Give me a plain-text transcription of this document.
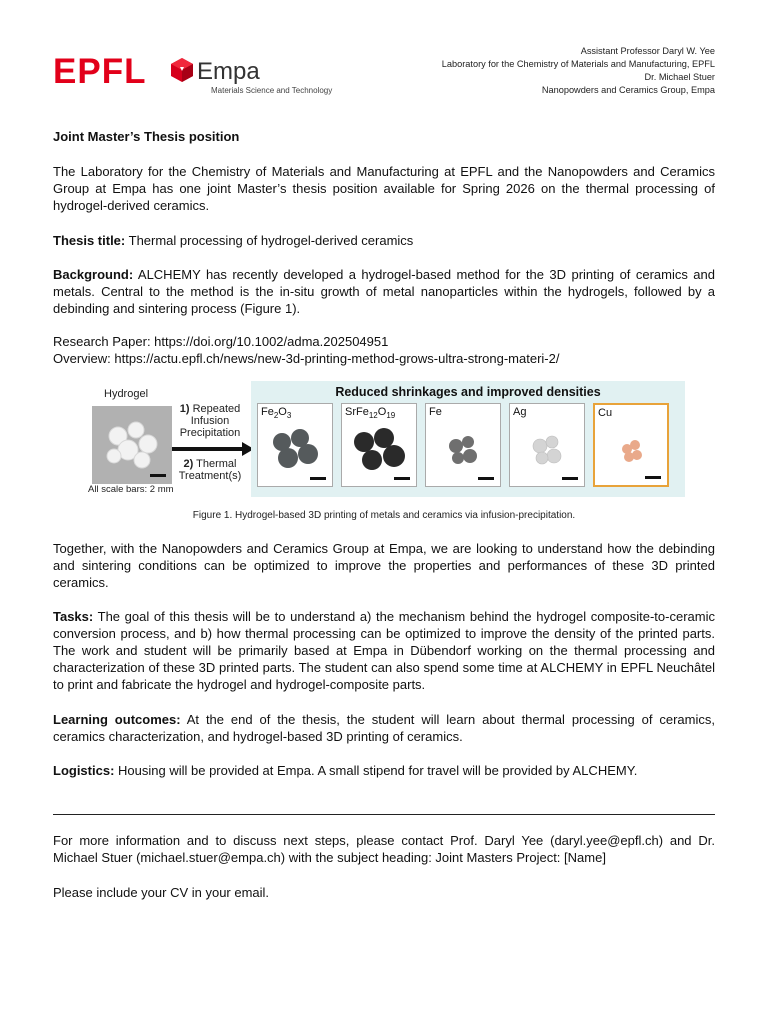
EPFL Empa
Materials Science and Technology
Assistant Professor Daryl W. Yee
Laboratory for the Chemistry of Materials and Manufacturing, EPFL
Dr. Michael Stuer
Nanopowders and Ceramics Group, Empa
Joint Master’s Thesis position
The Laboratory for the Chemistry of Materials and Manufacturing at EPFL and the Nanopowders and Ceramics Group at Empa has one joint Master’s thesis position available for Spring 2026 on the thermal processing of hydrogel-derived ceramics.
Thesis title: Thermal processing of hydrogel-derived ceramics
Background: ALCHEMY has recently developed a hydrogel-based method for the 3D printing of ceramics and metals. Central to the method is the in-situ growth of metal nanoparticles within the hydrogels, followed by a debinding and sintering process (Figure 1).
Research Paper: https://doi.org/10.1002/adma.202504951
Overview: https://actu.epfl.ch/news/new-3d-printing-method-grows-ultra-strong-materi-2/
Hydrogel
All scale bars: 2 mm
1) Repeated Infusion Precipitation
2) Thermal Treatment(s)
Reduced shrinkages and improved densities
$Fe_2O_3$	$SrFe_{12}O_{19}$	Fe	Ag	Cu
Figure 1. Hydrogel-based 3D printing of metals and ceramics via infusion-precipitation.
Together, with the Nanopowders and Ceramics Group at Empa, we are looking to understand how the debinding and sintering conditions can be optimized to improve the properties and performances of these 3D printed ceramics.
Tasks: The goal of this thesis will be to understand a) the mechanism behind the hydrogel composite-to-ceramic conversion process, and b) how thermal processing can be optimized to improve the density of the printed parts. The work and student will be primarily based at Empa in Dübendorf working on the thermal processing and characterization of these 3D printed parts. The student can also spend some time at ALCHEMY in EPFL Neuchâtel to print and fabricate the hydrogel and hydrogel-composite parts.
Learning outcomes: At the end of the thesis, the student will learn about thermal processing of ceramics, ceramics characterization, and hydrogel-based 3D printing of ceramics.
Logistics: Housing will be provided at Empa. A small stipend for travel will be provided by ALCHEMY.
For more information and to discuss next steps, please contact Prof. Daryl Yee (daryl.yee@epfl.ch) and Dr. Michael Stuer (michael.stuer@empa.ch) with the subject heading: Joint Masters Project: [Name]
Please include your CV in your email.
